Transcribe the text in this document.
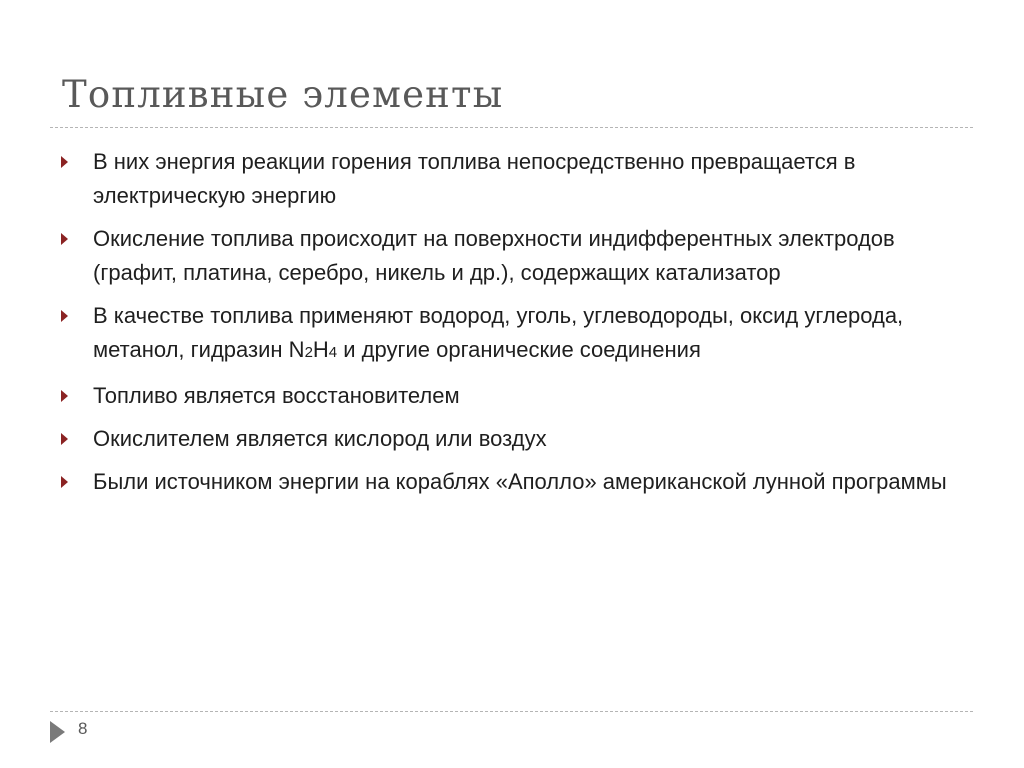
Топливные элементы
В них энергия реакции горения топлива непосредственно превращается в электрическую энергию
Окисление топлива происходит на поверхности индифферентных электродов (графит, платина, серебро, никель и др.), содержащих катализатор
В качестве топлива применяют водород, уголь, углеводороды, оксид углерода, метанол, гидразин N2H4 и другие органические соединения
Топливо является восстановителем
Окислителем является кислород или воздух
Были источником энергии на кораблях «Аполло» американской лунной программы
8
